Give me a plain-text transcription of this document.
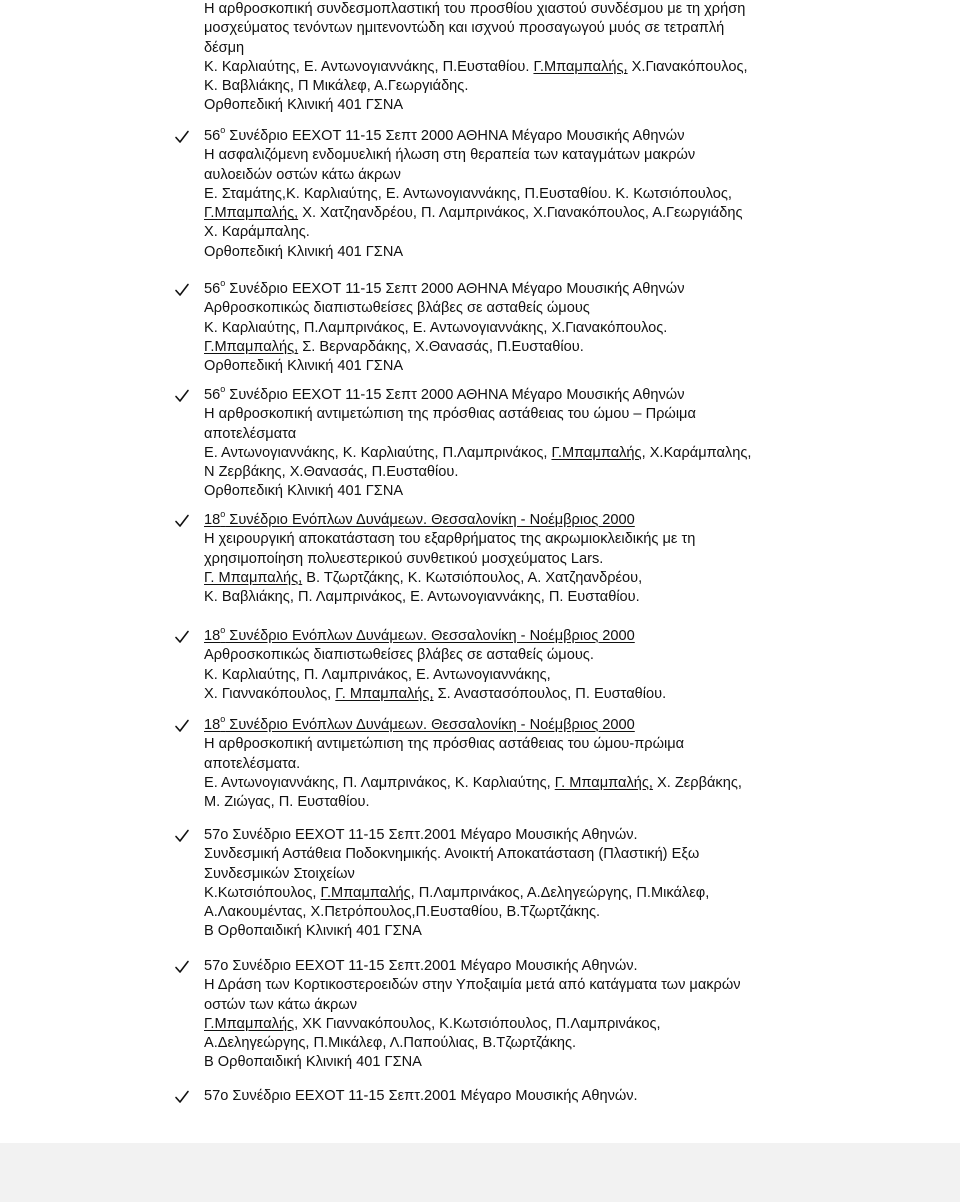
Η αρθροσκοπική συνδεσμοπλαστική του προσθίου χιαστού συνδέσμου με τη χρήση
μοσχεύματος τενόντων ημιτενοντώδη και ισχνού προσαγωγού μυός σε τετραπλή
δέσμη
Κ. Καρλιαύτης, Ε. Αντωνογιαννάκης, Π.Ευσταθίου. Γ.Μπαμπαλής, Χ.Γιανακόπουλος,
Κ. Βαβλιάκης, Π Μικάλεφ, Α.Γεωργιάδης.
Ορθοπεδική Κλινική 401 ΓΣΝΑ
$56^o$ Συνέδριο ΕΕΧΟΤ 11-15 Σεπτ 2000 ΑΘΗΝΑ Μέγαρο Μουσικής Αθηνών
Η ασφαλιζόμενη ενδομυελική ήλωση στη θεραπεία των καταγμάτων μακρών
αυλοειδών οστών κάτω άκρων
Ε. Σταμάτης,Κ. Καρλιαύτης, Ε. Αντωνογιαννάκης, Π.Ευσταθίου. Κ. Κωτσιόπουλος,
Γ.Μπαμπαλής, Χ. Χατζηανδρέου, Π. Λαμπρινάκος, Χ.Γιανακόπουλος, Α.Γεωργιάδης
Χ. Καράμπαλης.
Ορθοπεδική Κλινική 401 ΓΣΝΑ
$56^o$ Συνέδριο ΕΕΧΟΤ 11-15 Σεπτ 2000 ΑΘΗΝΑ Μέγαρο Μουσικής Αθηνών
Αρθροσκοπικώς διαπιστωθείσες βλάβες σε ασταθείς ώμους
Κ. Καρλιαύτης, Π.Λαμπρινάκος, Ε. Αντωνογιαννάκης, Χ.Γιανακόπουλος.
Γ.Μπαμπαλής, Σ. Βερναρδάκης, Χ.Θανασάς, Π.Ευσταθίου.
Ορθοπεδική Κλινική 401 ΓΣΝΑ
$56^o$ Συνέδριο ΕΕΧΟΤ 11-15 Σεπτ 2000 ΑΘΗΝΑ Μέγαρο Μουσικής Αθηνών
Η αρθροσκοπική αντιμετώπιση της πρόσθιας αστάθειας του ώμου – Πρώιμα
αποτελέσματα
Ε. Αντωνογιαννάκης, Κ. Καρλιαύτης, Π.Λαμπρινάκος, Γ.Μπαμπαλής, Χ.Καράμπαλης,
Ν Ζερβάκης, Χ.Θανασάς, Π.Ευσταθίου.
Ορθοπεδική Κλινική 401 ΓΣΝΑ
$18^o$ Συνέδριο Ενόπλων Δυνάμεων. Θεσσαλονίκη - Νοέμβριος 2000
Η χειρουργική αποκατάσταση του εξαρθρήματος της ακρωμιοκλειδικής με τη
χρησιμοποίηση πολυεστερικού συνθετικού μοσχεύματος Lars.
Γ. Μπαμπαλής, Β. Τζωρτζάκης, Κ. Κωτσιόπουλος, Α. Χατζηανδρέου,
Κ. Βαβλιάκης, Π. Λαμπρινάκος, Ε. Αντωνογιαννάκης, Π. Ευσταθίου.
$18^o$ Συνέδριο Ενόπλων Δυνάμεων. Θεσσαλονίκη - Νοέμβριος 2000
Αρθροσκοπικώς διαπιστωθείσες βλάβες σε ασταθείς ώμους.
Κ. Καρλιαύτης, Π. Λαμπρινάκος, Ε. Αντωνογιαννάκης,
Χ. Γιαννακόπουλος, Γ. Μπαμπαλής, Σ. Αναστασόπουλος, Π. Ευσταθίου.
$18^o$ Συνέδριο Ενόπλων Δυνάμεων. Θεσσαλονίκη - Νοέμβριος 2000
Η αρθροσκοπική αντιμετώπιση της πρόσθιας αστάθειας του ώμου-πρώιμα
αποτελέσματα.
Ε. Αντωνογιαννάκης, Π. Λαμπρινάκος, Κ. Καρλιαύτης, Γ. Μπαμπαλής, Χ. Ζερβάκης,
Μ. Ζιώγας, Π. Ευσταθίου.
57ο Συνέδριο ΕΕΧΟΤ 11-15 Σεπτ.2001 Μέγαρο Μουσικής Αθηνών.
Συνδεσμική Αστάθεια Ποδοκνημικής. Ανοικτή Αποκατάσταση (Πλαστική) Εξω
Συνδεσμικών Στοιχείων
Κ.Κωτσιόπουλος, Γ.Μπαμπαλής, Π.Λαμπρινάκος, Α.Δεληγεώργης, Π.Μικάλεφ,
Α.Λακουμέντας, Χ.Πετρόπουλος,Π.Ευσταθίου, Β.Τζωρτζάκης.
Β Ορθοπαιδική Κλινική 401 ΓΣΝΑ
57ο Συνέδριο ΕΕΧΟΤ 11-15 Σεπτ.2001 Μέγαρο Μουσικής Αθηνών.
Η Δράση των Κορτικοστεροειδών στην Υποξαιμία μετά από κατάγματα των μακρών
οστών των κάτω άκρων
Γ.Μπαμπαλής, ΧΚ Γιαννακόπουλος, Κ.Κωτσιόπουλος, Π.Λαμπρινάκος,
Α.Δεληγεώργης, Π.Μικάλεφ, Λ.Παπούλιας, Β.Τζωρτζάκης.
Β Ορθοπαιδική Κλινική 401 ΓΣΝΑ
57ο Συνέδριο ΕΕΧΟΤ 11-15 Σεπτ.2001 Μέγαρο Μουσικής Αθηνών.
